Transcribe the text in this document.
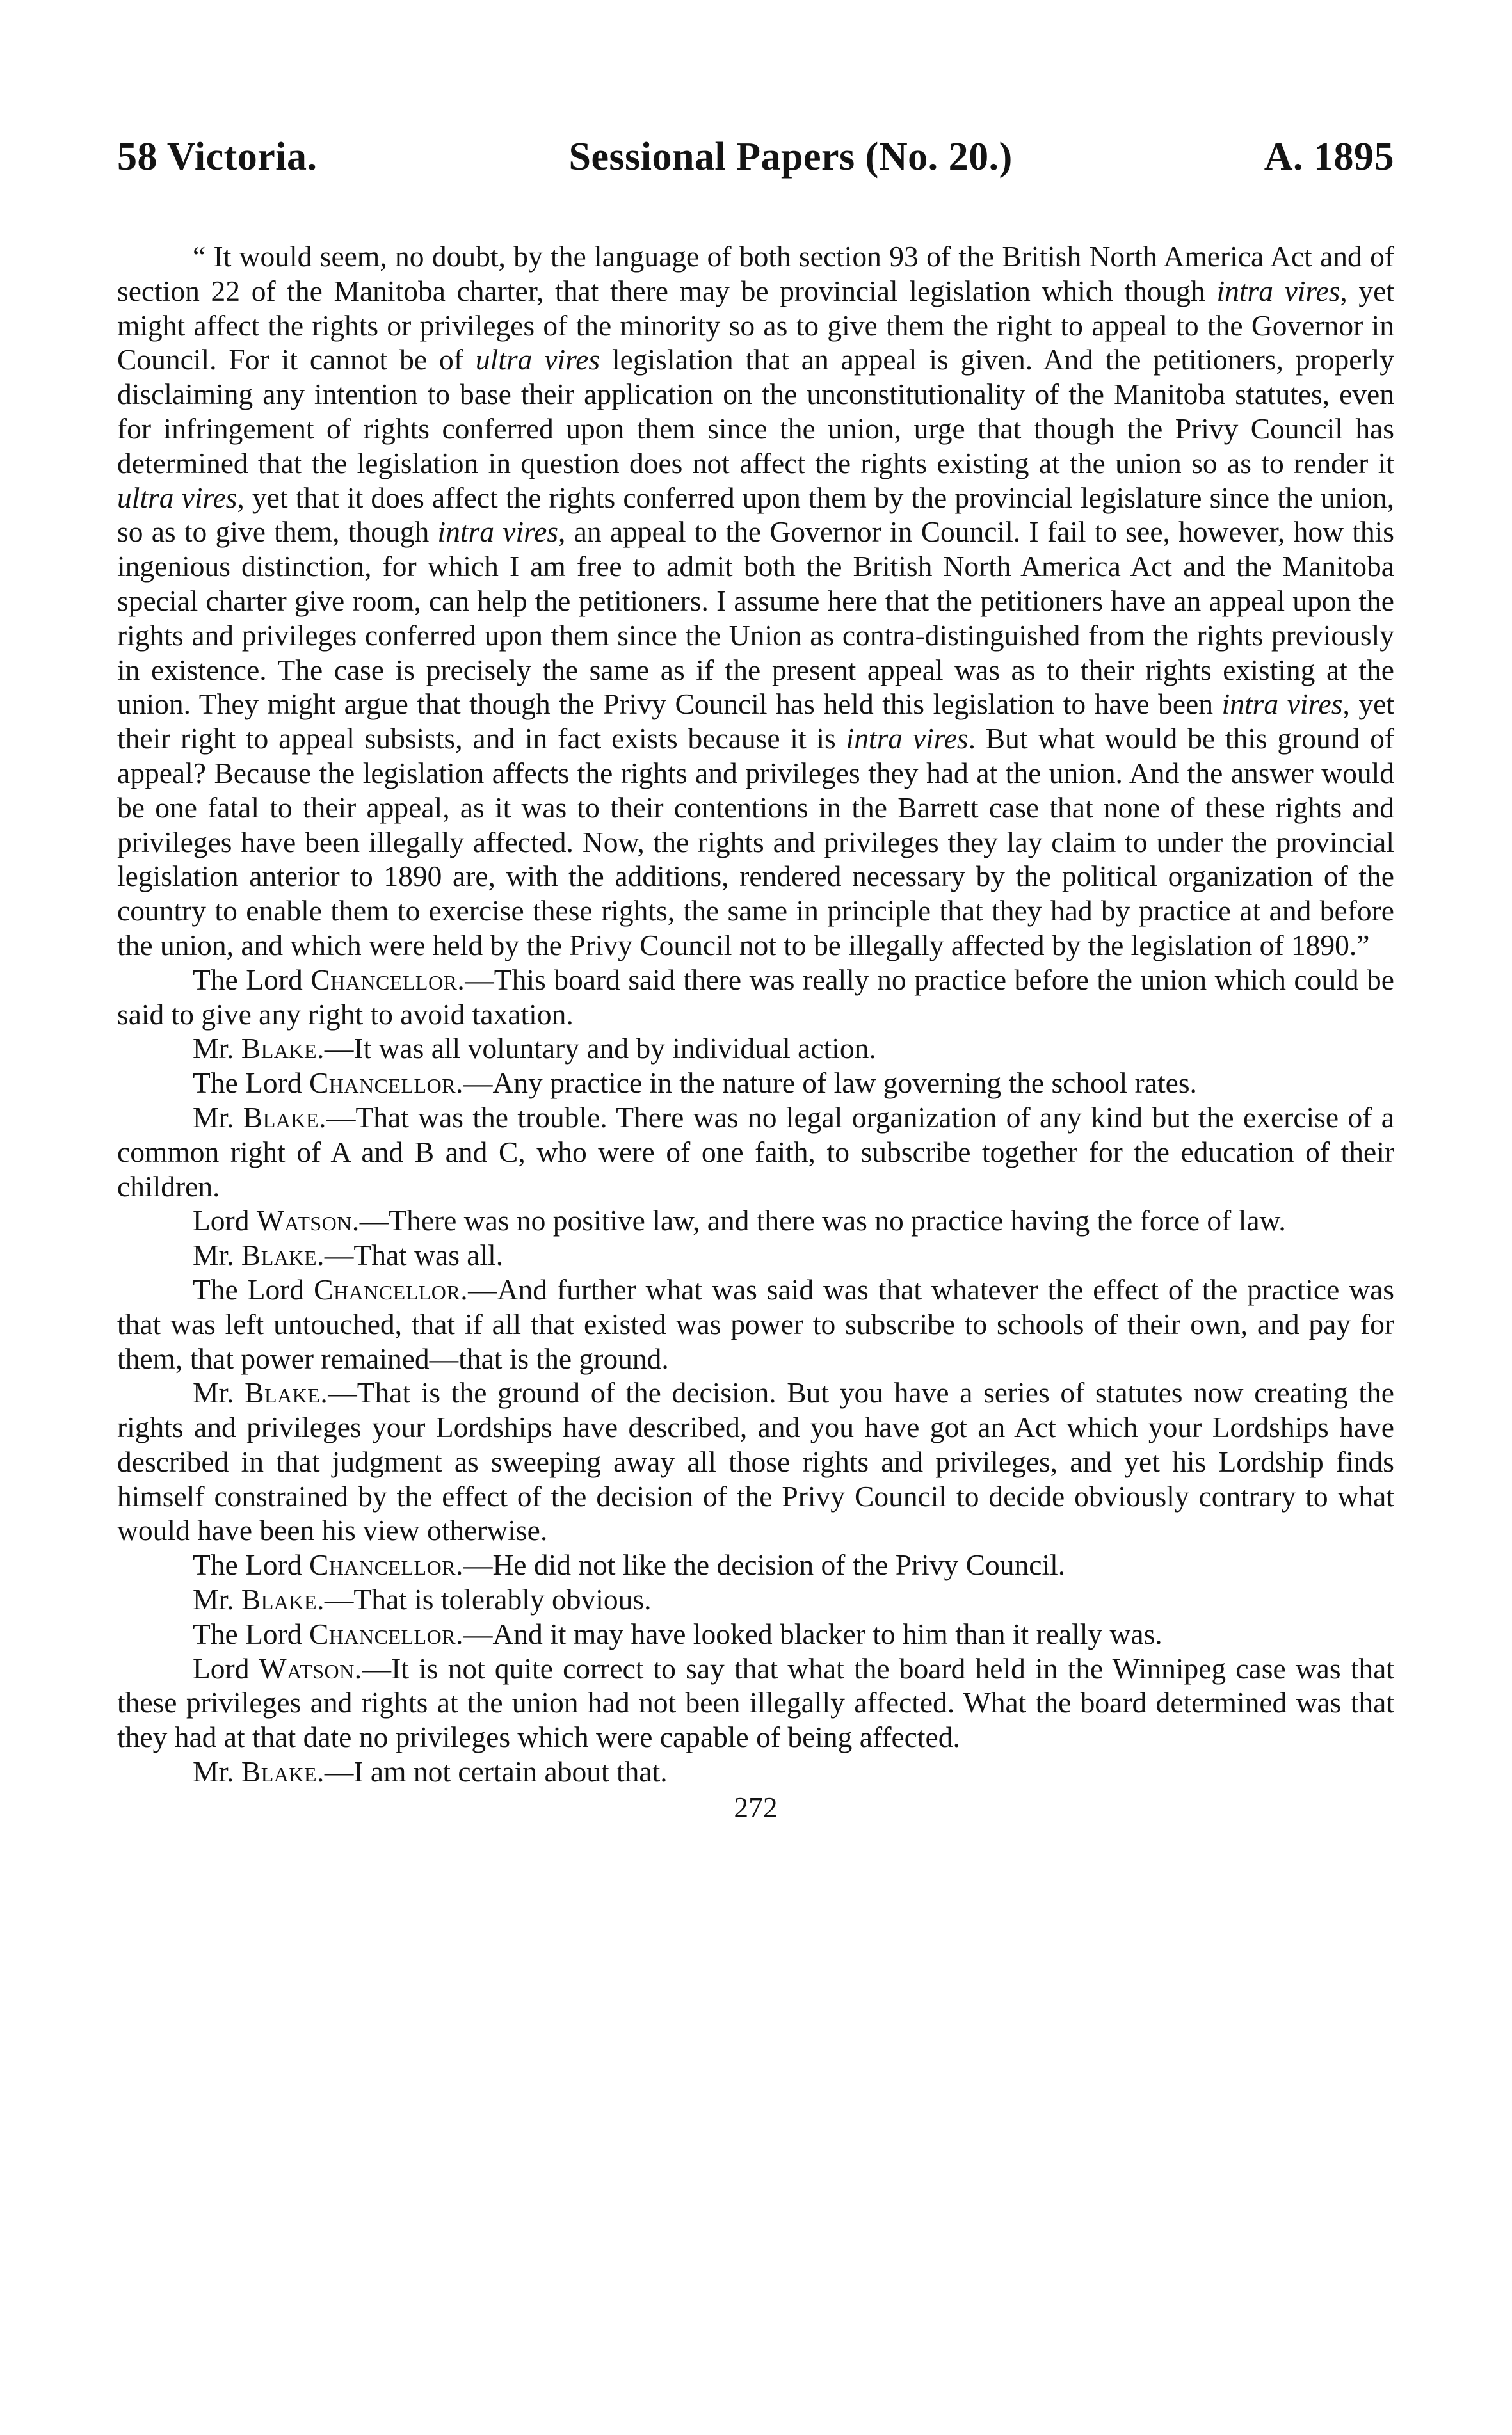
58 Victoria.	Sessional Papers (No. 20.)	A. 1895

“ It would seem, no doubt, by the language of both section 93 of the British North America Act and of section 22 of the Manitoba charter, that there may be provincial legislation which though intra vires, yet might affect the rights or privileges of the minority so as to give them the right to appeal to the Governor in Council. For it cannot be of ultra vires legislation that an appeal is given. And the petitioners, properly disclaiming any intention to base their application on the unconstitutionality of the Manitoba statutes, even for infringement of rights conferred upon them since the union, urge that though the Privy Council has determined that the legislation in question does not affect the rights existing at the union so as to render it ultra vires, yet that it does affect the rights conferred upon them by the provincial legislature since the union, so as to give them, though intra vires, an appeal to the Governor in Council. I fail to see, however, how this ingenious distinction, for which I am free to admit both the British North America Act and the Manitoba special charter give room, can help the petitioners. I assume here that the petitioners have an appeal upon the rights and privileges conferred upon them since the Union as contra-distinguished from the rights previously in existence. The case is precisely the same as if the present appeal was as to their rights existing at the union. They might argue that though the Privy Council has held this legislation to have been intra vires, yet their right to appeal subsists, and in fact exists because it is intra vires. But what would be this ground of appeal? Because the legislation affects the rights and privileges they had at the union. And the answer would be one fatal to their appeal, as it was to their contentions in the Barrett case that none of these rights and privileges have been illegally affected. Now, the rights and privileges they lay claim to under the provincial legislation anterior to 1890 are, with the additions, rendered necessary by the political organization of the country to enable them to exercise these rights, the same in principle that they had by practice at and before the union, and which were held by the Privy Council not to be illegally affected by the legislation of 1890.”

The Lord Chancellor.—This board said there was really no practice before the union which could be said to give any right to avoid taxation.

Mr. Blake.—It was all voluntary and by individual action.

The Lord Chancellor.—Any practice in the nature of law governing the school rates.

Mr. Blake.—That was the trouble. There was no legal organization of any kind but the exercise of a common right of A and B and C, who were of one faith, to subscribe together for the education of their children.

Lord Watson.—There was no positive law, and there was no practice having the force of law.

Mr. Blake.—That was all.

The Lord Chancellor.—And further what was said was that whatever the effect of the practice was that was left untouched, that if all that existed was power to subscribe to schools of their own, and pay for them, that power remained—that is the ground.

Mr. Blake.—That is the ground of the decision. But you have a series of statutes now creating the rights and privileges your Lordships have described, and you have got an Act which your Lordships have described in that judgment as sweeping away all those rights and privileges, and yet his Lordship finds himself constrained by the effect of the decision of the Privy Council to decide obviously contrary to what would have been his view otherwise.

The Lord Chancellor.—He did not like the decision of the Privy Council.

Mr. Blake.—That is tolerably obvious.

The Lord Chancellor.—And it may have looked blacker to him than it really was.

Lord Watson.—It is not quite correct to say that what the board held in the Winnipeg case was that these privileges and rights at the union had not been illegally affected. What the board determined was that they had at that date no privileges which were capable of being affected.

Mr. Blake.—I am not certain about that.

272
